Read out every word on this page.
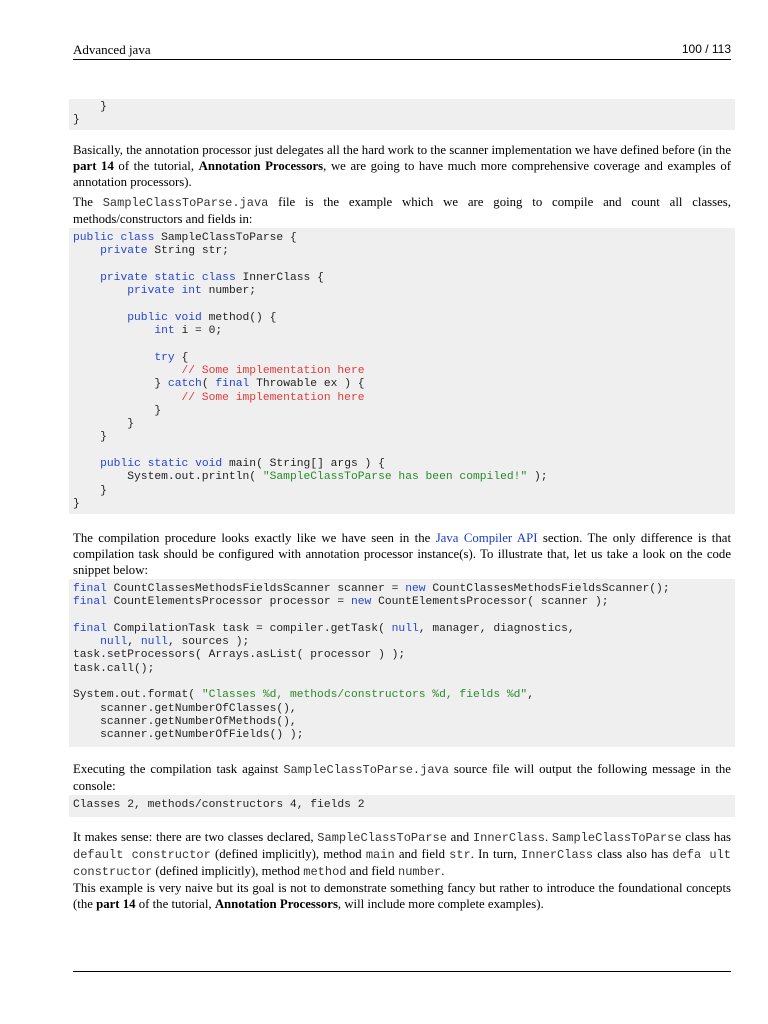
Advanced java	100 / 113
}
}
Basically, the annotation processor just delegates all the hard work to the scanner implementation we have defined before (in the part 14 of the tutorial, Annotation Processors, we are going to have much more comprehensive coverage and examples of annotation processors).
The SampleClassToParse.java file is the example which we are going to compile and count all classes, methods/constructors and fields in:
public class SampleClassToParse {
private String str;
private static class InnerClass {
private int number;
public void method() {
int i = 0;
try {
// Some implementation here
} catch( final Throwable ex ) {
// Some implementation here
}
}
}
public static void main( String[] args ) {
System.out.println( "SampleClassToParse has been compiled!" );
}
}
The compilation procedure looks exactly like we have seen in the Java Compiler API section. The only difference is that compilation task should be configured with annotation processor instance(s). To illustrate that, let us take a look on the code snippet below:
final CountClassesMethodsFieldsScanner scanner = new CountClassesMethodsFieldsScanner();
final CountElementsProcessor processor = new CountElementsProcessor( scanner );
final CompilationTask task = compiler.getTask( null, manager, diagnostics,
null, null, sources );
task.setProcessors( Arrays.asList( processor ) );
task.call();
System.out.format( "Classes %d, methods/constructors %d, fields %d",
scanner.getNumberOfClasses(),
scanner.getNumberOfMethods(),
scanner.getNumberOfFields() );
Executing the compilation task against SampleClassToParse.java source file will output the following message in the console:
Classes 2, methods/constructors 4, fields 2
It makes sense: there are two classes declared, SampleClassToParse and InnerClass. SampleClassToParse class has default constructor (defined implicitly), method main and field str. In turn, InnerClass class also has defa ult constructor (defined implicitly), method method and field number.
This example is very naive but its goal is not to demonstrate something fancy but rather to introduce the foundational concepts (the part 14 of the tutorial, Annotation Processors, will include more complete examples).
